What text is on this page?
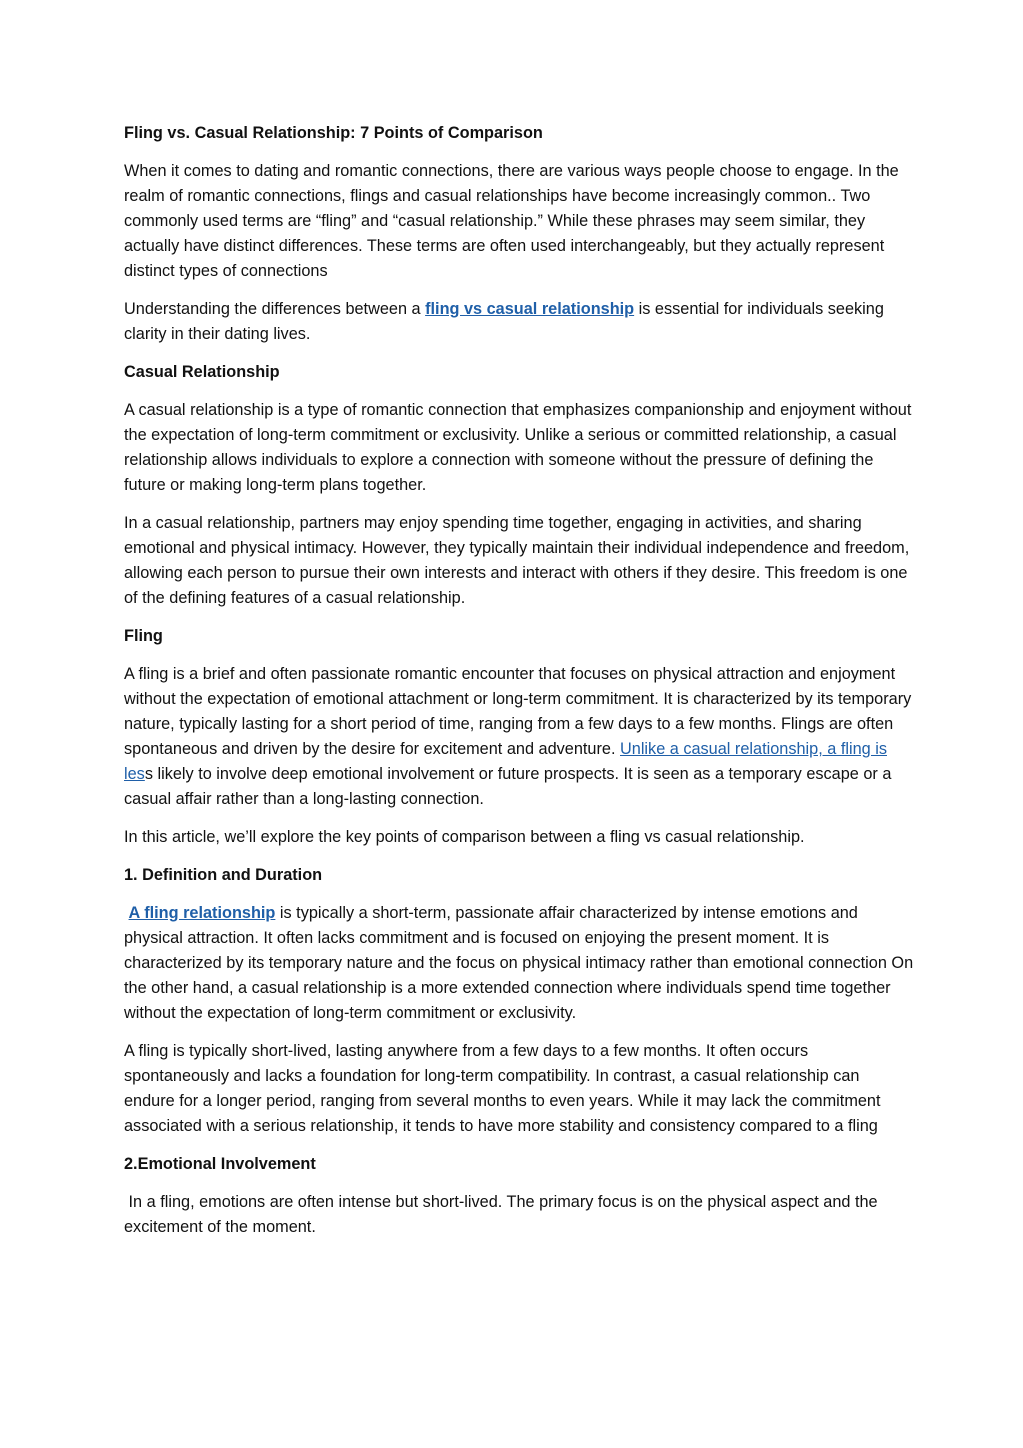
Fling vs. Casual Relationship: 7 Points of Comparison

When it comes to dating and romantic connections, there are various ways people choose to engage. In the realm of romantic connections, flings and casual relationships have become increasingly common.. Two commonly used terms are “fling” and “casual relationship.” While these phrases may seem similar, they actually have distinct differences. These terms are often used interchangeably, but they actually represent distinct types of connections

Understanding the differences between a fling vs casual relationship is essential for individuals seeking clarity in their dating lives.

Casual Relationship

A casual relationship is a type of romantic connection that emphasizes companionship and enjoyment without the expectation of long-term commitment or exclusivity. Unlike a serious or committed relationship, a casual relationship allows individuals to explore a connection with someone without the pressure of defining the future or making long-term plans together.

In a casual relationship, partners may enjoy spending time together, engaging in activities, and sharing emotional and physical intimacy. However, they typically maintain their individual independence and freedom, allowing each person to pursue their own interests and interact with others if they desire. This freedom is one of the defining features of a casual relationship.

Fling

A fling is a brief and often passionate romantic encounter that focuses on physical attraction and enjoyment without the expectation of emotional attachment or long-term commitment. It is characterized by its temporary nature, typically lasting for a short period of time, ranging from a few days to a few months. Flings are often spontaneous and driven by the desire for excitement and adventure. Unlike a casual relationship, a fling is less likely to involve deep emotional involvement or future prospects. It is seen as a temporary escape or a casual affair rather than a long-lasting connection.

In this article, we’ll explore the key points of comparison between a fling vs casual relationship.

1. Definition and Duration

A fling relationship is typically a short-term, passionate affair characterized by intense emotions and physical attraction. It often lacks commitment and is focused on enjoying the present moment. It is characterized by its temporary nature and the focus on physical intimacy rather than emotional connection On the other hand, a casual relationship is a more extended connection where individuals spend time together without the expectation of long-term commitment or exclusivity.

A fling is typically short-lived, lasting anywhere from a few days to a few months. It often occurs spontaneously and lacks a foundation for long-term compatibility. In contrast, a casual relationship can endure for a longer period, ranging from several months to even years. While it may lack the commitment associated with a serious relationship, it tends to have more stability and consistency compared to a fling

2.Emotional Involvement

In a fling, emotions are often intense but short-lived. The primary focus is on the physical aspect and the excitement of the moment.
